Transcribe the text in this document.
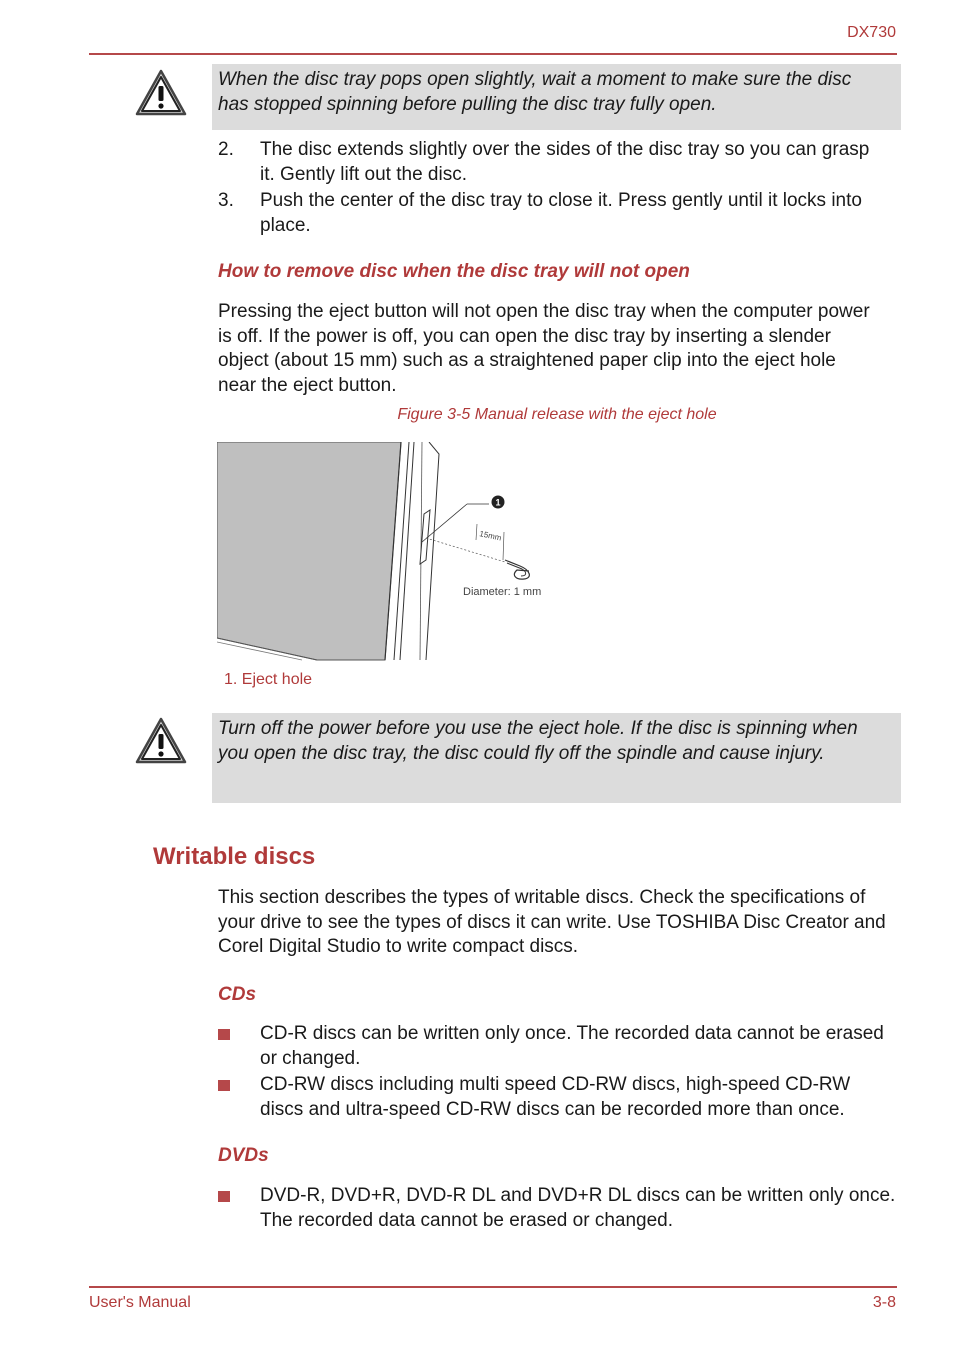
DX730
When the disc tray pops open slightly, wait a moment to make sure the disc has stopped spinning before pulling the disc tray fully open.
2.	The disc extends slightly over the sides of the disc tray so you can grasp it. Gently lift out the disc.
3.	Push the center of the disc tray to close it. Press gently until it locks into place.
How to remove disc when the disc tray will not open
Pressing the eject button will not open the disc tray when the computer power is off. If the power is off, you can open the disc tray by inserting a slender object (about 15 mm) such as a straightened paper clip into the eject hole near the eject button.
Figure 3-5 Manual release with the eject hole
1
15mm
Diameter: 1 mm
1. Eject hole
Turn off the power before you use the eject hole. If the disc is spinning when you open the disc tray, the disc could fly off the spindle and cause injury.
Writable discs
This section describes the types of writable discs. Check the specifications of your drive to see the types of discs it can write. Use TOSHIBA Disc Creator and Corel Digital Studio to write compact discs.
CDs
CD-R discs can be written only once. The recorded data cannot be erased or changed.
CD-RW discs including multi speed CD-RW discs, high-speed CD-RW discs and ultra-speed CD-RW discs can be recorded more than once.
DVDs
DVD-R, DVD+R, DVD-R DL and DVD+R DL discs can be written only once. The recorded data cannot be erased or changed.
User's Manual	3-8
